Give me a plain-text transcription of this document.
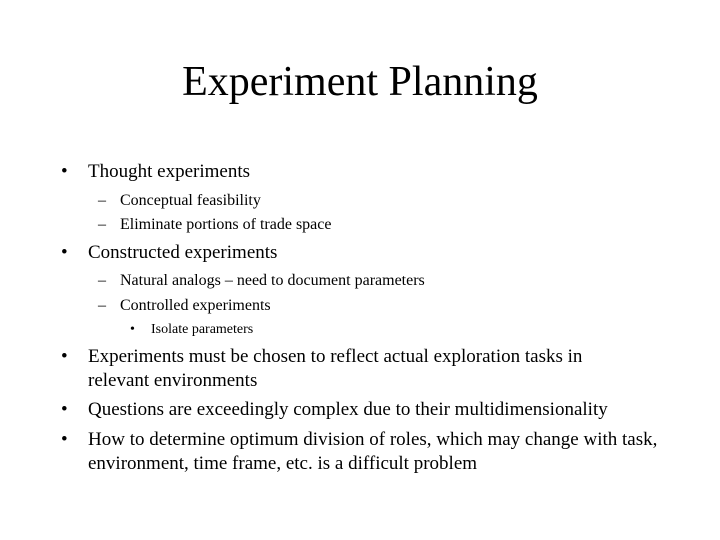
Experiment Planning
• Thought experiments
– Conceptual feasibility
– Eliminate portions of trade space
• Constructed experiments
– Natural analogs – need to document parameters
– Controlled experiments
• Isolate parameters
• Experiments must be chosen to reflect actual exploration tasks in relevant environments
• Questions are exceedingly complex due to their multidimensionality
• How to determine optimum division of roles, which may change with task, environment, time frame, etc. is a difficult problem
